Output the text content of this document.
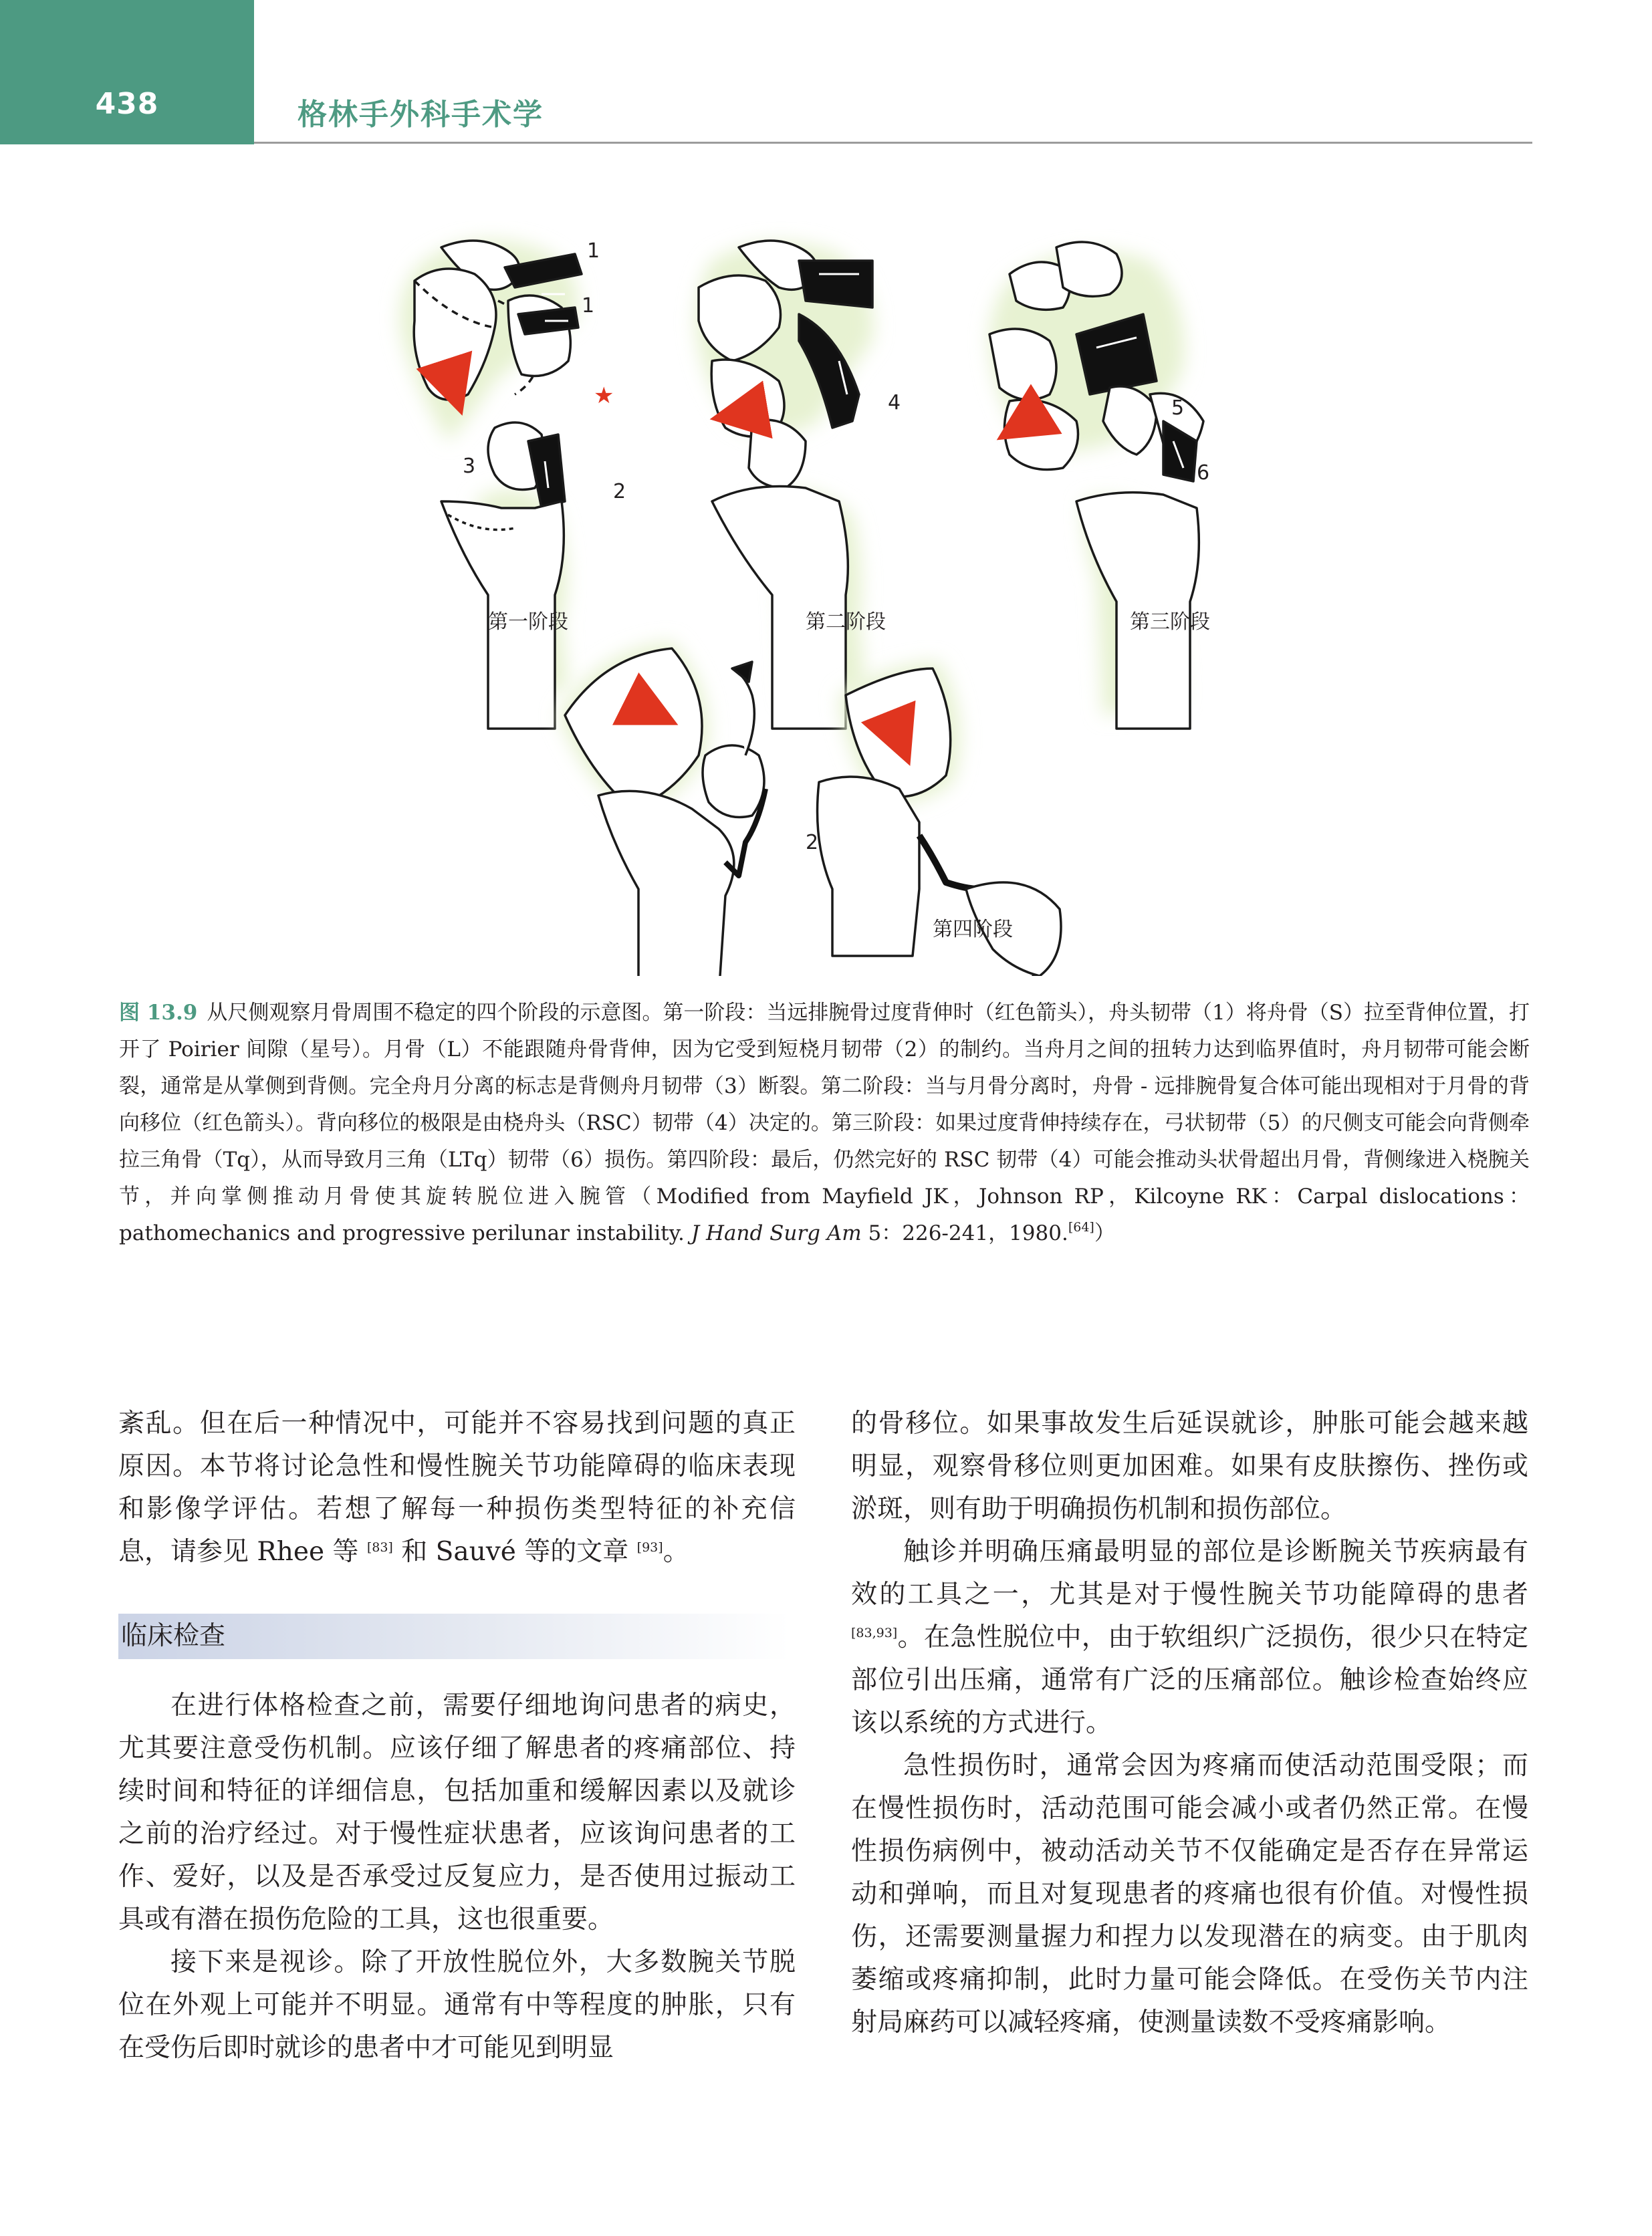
438	格林手外科手术学
第一阶段	第二阶段	第三阶段
第四阶段
1
1
2
3
4	5
6
2
★
图 13.9 从尺侧观察月骨周围不稳定的四个阶段的示意图。第一阶段：当远排腕骨过度背伸时（红色箭头），舟头韧带（1）将舟骨（S）拉至背伸位置，打开了 Poirier 间隙（星号）。月骨（L）不能跟随舟骨背伸，因为它受到短桡月韧带（2）的制约。当舟月之间的扭转力达到临界值时，舟月韧带可能会断裂，通常是从掌侧到背侧。完全舟月分离的标志是背侧舟月韧带（3）断裂。第二阶段：当与月骨分离时，舟骨 - 远排腕骨复合体可能出现相对于月骨的背向移位（红色箭头）。背向移位的极限是由桡舟头（RSC）韧带（4）决定的。第三阶段：如果过度背伸持续存在，弓状韧带（5）的尺侧支可能会向背侧牵拉三角骨（Tq），从而导致月三角（LTq）韧带（6）损伤。第四阶段：最后，仍然完好的 RSC 韧带（4）可能会推动头状骨超出月骨，背侧缘进入桡腕关节，并向掌侧推动月骨使其旋转脱位进入腕管（Modified from Mayfield JK，Johnson RP，Kilcoyne RK：Carpal dislocations：pathomechanics and progressive perilunar instability. J Hand Surg Am 5：226-241，1980.[64]）

紊乱。但在后一种情况中，可能并不容易找到问题的真正原因。本节将讨论急性和慢性腕关节功能障碍的临床表现和影像学评估。若想了解每一种损伤类型特征的补充信息，请参见 Rhee 等 [83] 和 Sauvé 等的文章 [93]。

临床检查

在进行体格检查之前，需要仔细地询问患者的病史，尤其要注意受伤机制。应该仔细了解患者的疼痛部位、持续时间和特征的详细信息，包括加重和缓解因素以及就诊之前的治疗经过。对于慢性症状患者，应该询问患者的工作、爱好，以及是否承受过反复应力，是否使用过振动工具或有潜在损伤危险的工具，这也很重要。

接下来是视诊。除了开放性脱位外，大多数腕关节脱位在外观上可能并不明显。通常有中等程度的肿胀，只有在受伤后即时就诊的患者中才可能见到明显

的骨移位。如果事故发生后延误就诊，肿胀可能会越来越明显，观察骨移位则更加困难。如果有皮肤擦伤、挫伤或淤斑，则有助于明确损伤机制和损伤部位。

触诊并明确压痛最明显的部位是诊断腕关节疾病最有效的工具之一，尤其是对于慢性腕关节功能障碍的患者 [83,93]。在急性脱位中，由于软组织广泛损伤，很少只在特定部位引出压痛，通常有广泛的压痛部位。触诊检查始终应该以系统的方式进行。

急性损伤时，通常会因为疼痛而使活动范围受限；而在慢性损伤时，活动范围可能会减小或者仍然正常。在慢性损伤病例中，被动活动关节不仅能确定是否存在异常运动和弹响，而且对复现患者的疼痛也很有价值。对慢性损伤，还需要测量握力和捏力以发现潜在的病变。由于肌肉萎缩或疼痛抑制，此时力量可能会降低。在受伤关节内注射局麻药可以减轻疼痛，使测量读数不受疼痛影响。
